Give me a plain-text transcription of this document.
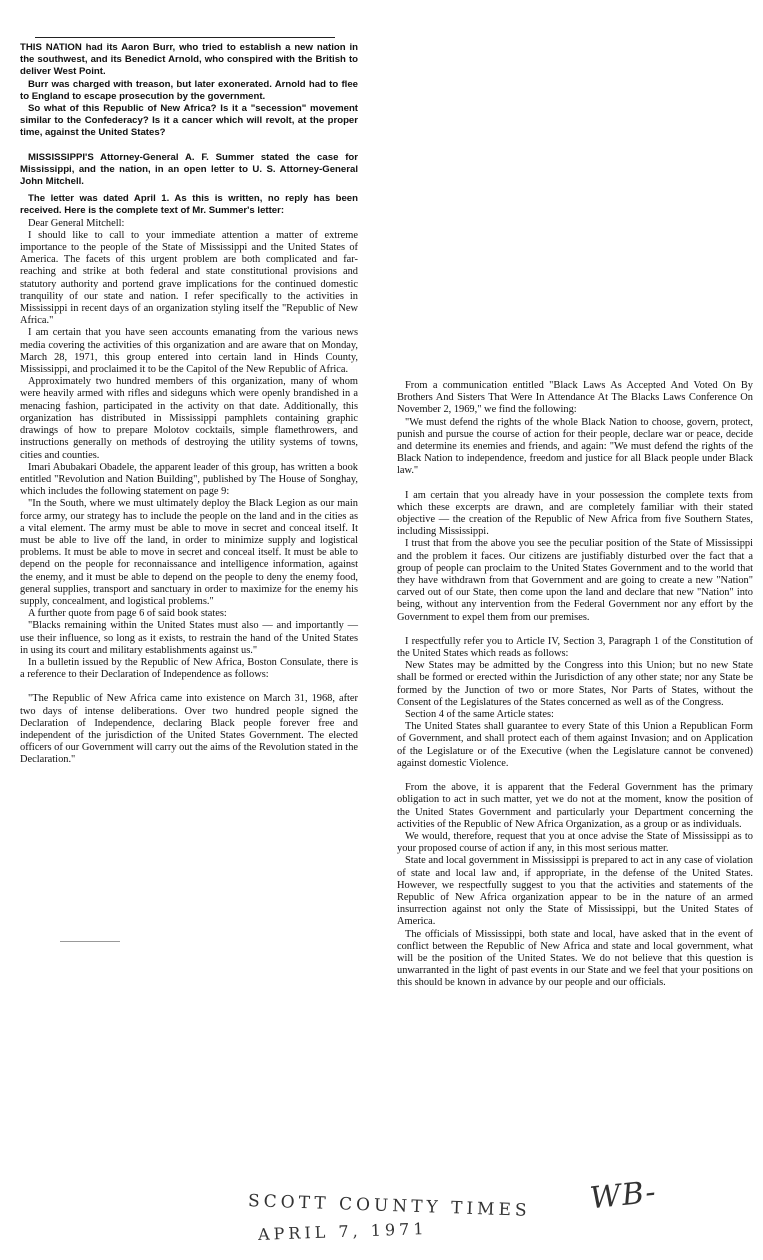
THIS NATION had its Aaron Burr, who tried to establish a new nation in the southwest, and its Benedict Arnold, who conspired with the British to deliver West Point.

Burr was charged with treason, but later exonerated. Arnold had to flee to England to escape prosecution by the government.

So what of this Republic of New Africa? Is it a "secession" movement similar to the Confederacy? Is it a cancer which will revolt, at the proper time, against the United States?

MISSISSIPPI'S Attorney-General A. F. Summer stated the case for Mississippi, and the nation, in an open letter to U. S. Attorney-General John Mitchell.

The letter was dated April 1. As this is written, no reply has been received. Here is the complete text of Mr. Summer's letter:

Dear General Mitchell:

I should like to call to your immediate attention a matter of extreme importance to the people of the State of Mississippi and the United States of America. The facets of this urgent problem are both complicated and far-reaching and strike at both federal and state constitutional provisions and statutory authority and portend grave implications for the continued domestic tranquility of our state and nation. I refer specifically to the activities in Mississippi in recent days of an organization styling itself the "Republic of New Africa."

I am certain that you have seen accounts emanating from the various news media covering the activities of this organization and are aware that on Monday, March 28, 1971, this group entered into certain land in Hinds County, Mississippi, and proclaimed it to be the Capitol of the New Republic of Africa.

Approximately two hundred members of this organization, many of whom were heavily armed with rifles and sideguns which were openly brandished in a menacing fashion, participated in the activity on that date. Additionally, this organization has distributed in Mississippi pamphlets containing graphic drawings of how to prepare Molotov cocktails, simple flamethrowers, and instructions generally on methods of destroying the utility systems of towns, cities and counties.

Imari Abubakari Obadele, the apparent leader of this group, has written a book entitled "Revolution and Nation Building", published by The House of Songhay, which includes the following statement on page 9:

"In the South, where we must ultimately deploy the Black Legion as our main force army, our strategy has to include the people on the land and in the cities as a vital element. The army must be able to move in secret and conceal itself. It must be able to live off the land, in order to minimize supply and logistical problems. It must be able to move in secret and conceal itself. It must be able to depend on the people for reconnaissance and intelligence information, against the enemy, and it must be able to depend on the people to deny the enemy food, general supplies, transport and sanctuary in order to maximize for the enemy his supply, concealment, and logistical problems."

A further quote from page 6 of said book states:

"Blacks remaining within the United States must also — and importantly — use their influence, so long as it exists, to restrain the hand of the United States in using its court and military establishments against us."

In a bulletin issued by the Republic of New Africa, Boston Consulate, there is a reference to their Declaration of Independence as follows:

"The Republic of New Africa came into existence on March 31, 1968, after two days of intense deliberations. Over two hundred people signed the Declaration of Independence, declaring Black people forever free and independent of the jurisdiction of the United States Government. The elected officers of our Government will carry out the aims of the Revolution stated in the Declaration."

From a communication entitled "Black Laws As Accepted And Voted On By Brothers And Sisters That Were In Attendance At The Blacks Laws Conference On November 2, 1969," we find the following:

"We must defend the rights of the whole Black Nation to choose, govern, protect, punish and pursue the course of action for their people, declare war or peace, decide and determine its enemies and friends, and again: "We must defend the rights of the Black Nation to independence, freedom and justice for all Black people under Black law."

I am certain that you already have in your possession the complete texts from which these excerpts are drawn, and are completely familiar with their stated objective — the creation of the Republic of New Africa from five Southern States, including Mississippi.

I trust that from the above you see the peculiar position of the State of Mississippi and the problem it faces. Our citizens are justifiably disturbed over the fact that a group of people can proclaim to the United States Government and to the world that they have withdrawn from that Government and are going to create a new "Nation" carved out of our State, then come upon the land and declare that new "Nation" into being, without any intervention from the Federal Government nor any effort by the Government to expel them from our premises.

I respectfully refer you to Article IV, Section 3, Paragraph 1 of the Constitution of the United States which reads as follows:

New States may be admitted by the Congress into this Union; but no new State shall be formed or erected within the Jurisdiction of any other state; nor any State be formed by the Junction of two or more States, Nor Parts of States, without the Consent of the Legislatures of the States concerned as well as of the Congress.

Section 4 of the same Article states:

The United States shall guarantee to every State of this Union a Republican Form of Government, and shall protect each of them against Invasion; and on Application of the Legislature or of the Executive (when the Legislature cannot be convened) against domestic Violence.

From the above, it is apparent that the Federal Government has the primary obligation to act in such matter, yet we do not at the moment, know the position of the United States Government and particularly your Department concerning the activities of the Republic of New Africa Organization, as a group or as individuals.

We would, therefore, request that you at once advise the State of Mississippi as to your proposed course of action if any, in this most serious matter.

State and local government in Mississippi is prepared to act in any case of violation of state and local law and, if appropriate, in the defense of the United States. However, we respectfully suggest to you that the activities and statements of the Republic of New Africa organization appear to be in the nature of an armed insurrection against not only the State of Mississippi, but the United States of America.

The officials of Mississippi, both state and local, have asked that in the event of conflict between the Republic of New Africa and state and local government, what will be the position of the United States. We do not believe that this question is unwarranted in the light of past events in our State and we feel that your positions on this should be known in advance by our people and our officials.

SCOTT COUNTY TIMES
APRIL 7, 1971
WB-
